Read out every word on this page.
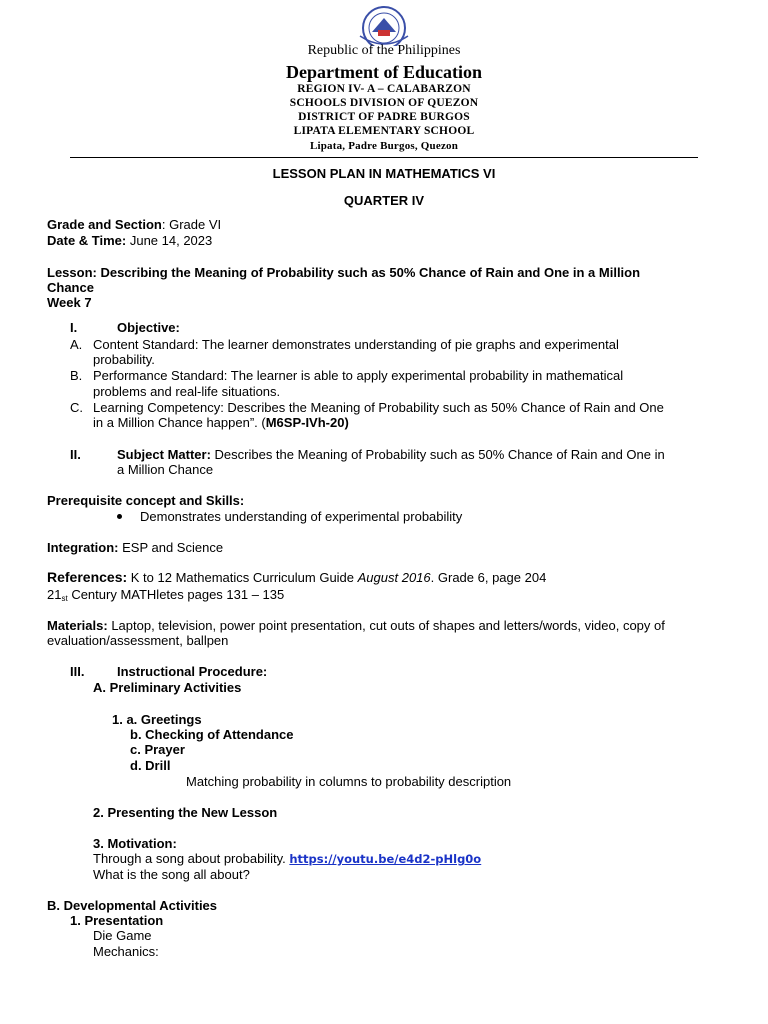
Republic of the Philippines
Department of Education
REGION IV- A – CALABARZON
SCHOOLS DIVISION OF QUEZON
DISTRICT OF PADRE BURGOS
LIPATA ELEMENTARY SCHOOL
Lipata, Padre Burgos, Quezon
LESSON PLAN IN MATHEMATICS VI
QUARTER IV
Grade and Section: Grade VI
Date & Time: June 14, 2023
Lesson: Describing the Meaning of Probability such as 50% Chance of Rain and One in a Million
Chance
Week 7
I.	Objective:
A. Content Standard: The learner demonstrates understanding of pie graphs and experimental
probability.
B. Performance Standard: The learner is able to apply experimental probability in mathematical
problems and real-life situations.
C. Learning Competency: Describes the Meaning of Probability such as 50% Chance of Rain and One
in a Million Chance happen”. (M6SP-IVh-20)
II.	Subject Matter: Describes the Meaning of Probability such as 50% Chance of Rain and One in
a Million Chance
Prerequisite concept and Skills:
Demonstrates understanding of experimental probability
Integration: ESP and Science
References: K to 12 Mathematics Curriculum Guide August 2016. Grade 6, page 204
$21_{st}$ Century MATHletes pages 131 – 135
Materials: Laptop, television, power point presentation, cut outs of shapes and letters/words, video, copy of
evaluation/assessment, ballpen
III.	Instructional Procedure:
A. Preliminary Activities
1. a. Greetings
b. Checking of Attendance
c. Prayer
d. Drill
Matching probability in columns to probability description
2. Presenting the New Lesson
3. Motivation:
Through a song about probability. https://youtu.be/e4d2-pHlg0o
What is the song all about?
B. Developmental Activities
1. Presentation
Die Game
Mechanics:
